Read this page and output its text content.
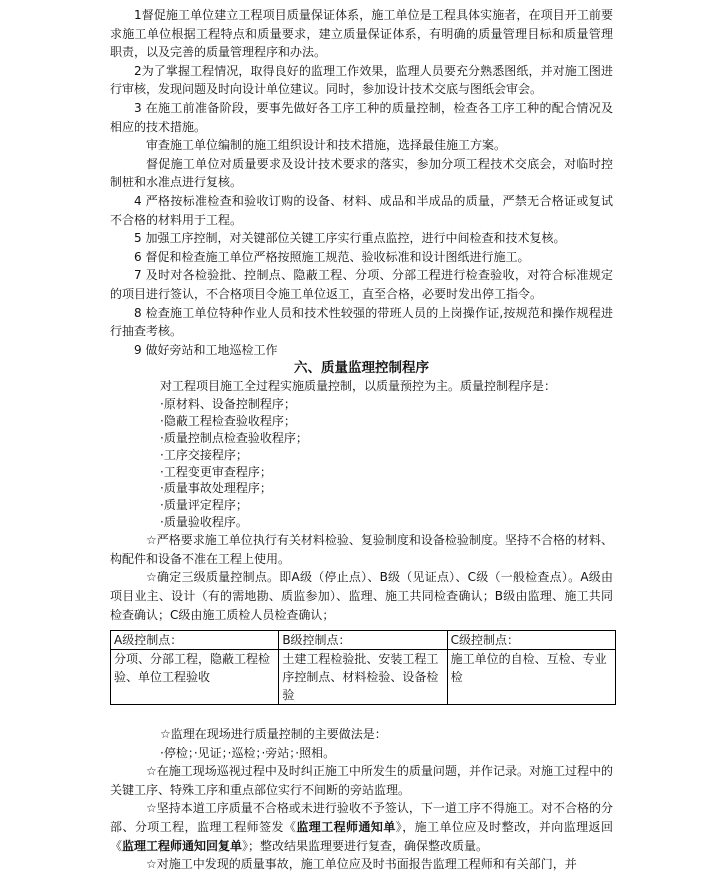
1督促施工单位建立工程项目质量保证体系，施工单位是工程具体实施者，在项目开工前要求施工单位根据工程特点和质量要求，建立质量保证体系，有明确的质量管理目标和质量管理职责，以及完善的质量管理程序和办法。

2为了掌握工程情况，取得良好的监理工作效果，监理人员要充分熟悉图纸，并对施工图进行审核，发现问题及时向设计单位建议。同时，参加设计技术交底与图纸会审会。

3 在施工前准备阶段，要事先做好各工序工种的质量控制，检查各工序工种的配合情况及相应的技术措施。

审查施工单位编制的施工组织设计和技术措施，选择最佳施工方案。

督促施工单位对质量要求及设计技术要求的落实，参加分项工程技术交底会，对临时控制桩和水准点进行复核。

4 严格按标准检查和验收订购的设备、材料、成品和半成品的质量，严禁无合格证或复试不合格的材料用于工程。

5 加强工序控制，对关键部位关键工序实行重点监控，进行中间检查和技术复核。

6 督促和检查施工单位严格按照施工规范、验收标准和设计图纸进行施工。

7 及时对各检验批、控制点、隐蔽工程、分项、分部工程进行检查验收，对符合标准规定的项目进行签认，不合格项目令施工单位返工，直至合格，必要时发出停工指令。

8 检查施工单位特种作业人员和技术性较强的带班人员的上岗操作证,按规范和操作规程进行抽查考核。

9 做好旁站和工地巡检工作

六、质量监理控制程序

对工程项目施工全过程实施质量控制，以质量预控为主。质量控制程序是：

·原材料、设备控制程序；
·隐蔽工程检查验收程序；
·质量控制点检查验收程序；
·工序交接程序；
·工程变更审查程序；
·质量事故处理程序；
·质量评定程序；
·质量验收程序。

☆严格要求施工单位执行有关材料检验、复验制度和设备检验制度。坚持不合格的材料、构配件和设备不准在工程上使用。

☆确定三级质量控制点。即A级（停止点）、B级（见证点）、C级（一般检查点）。A级由项目业主、设计（有的需地勘、质监参加）、监理、施工共同检查确认；B级由监理、施工共同检查确认；C级由施工质检人员检查确认；

A级控制点：	B级控制点：	C级控制点：
分项、分部工程，隐蔽工程检验、单位工程验收	土建工程检验批、安装工程工序控制点、材料检验、设备检验	施工单位的自检、互检、专业检

☆监理在现场进行质量控制的主要做法是：

·停检；·见证；·巡检；·旁站；·照相。

☆在施工现场巡视过程中及时纠正施工中所发生的质量问题，并作记录。对施工过程中的关键工序、特殊工序和重点部位实行不间断的旁站监理。

☆坚持本道工序质量不合格或未进行验收不予签认，下一道工序不得施工。对不合格的分部、分项工程，监理工程师签发《监理工程师通知单》，施工单位应及时整改，并向监理返回《监理工程师通知回复单》；整改结果监理要进行复查，确保整改质量。

☆对施工中发现的质量事故，施工单位应及时书面报告监理工程师和有关部门，并
